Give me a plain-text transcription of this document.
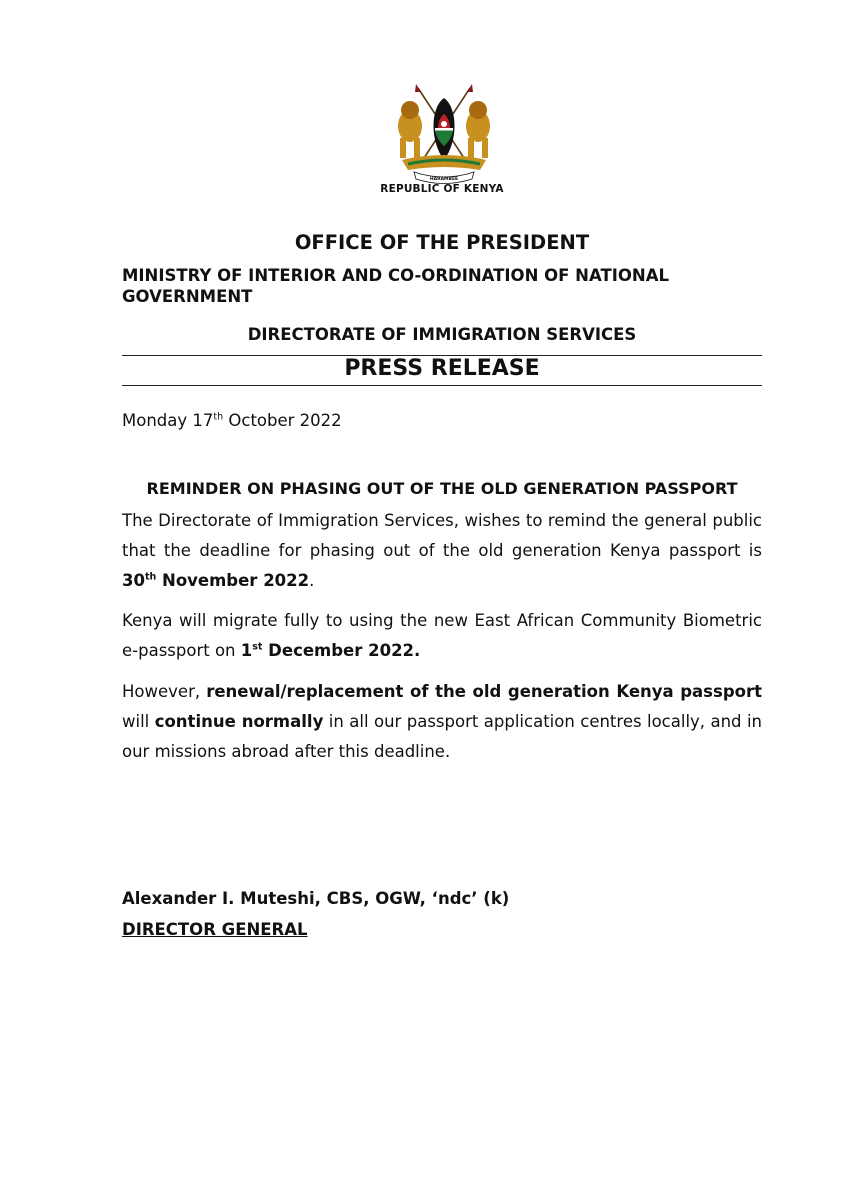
HARAMBEE
REPUBLIC OF KENYA
OFFICE OF THE PRESIDENT
MINISTRY OF INTERIOR AND CO-ORDINATION OF NATIONAL GOVERNMENT
DIRECTORATE OF IMMIGRATION SERVICES
PRESS RELEASE
Monday 17th October 2022
REMINDER ON PHASING OUT OF THE OLD GENERATION PASSPORT
The Directorate of Immigration Services, wishes to remind the general public that the deadline for phasing out of the old generation Kenya passport is 30th November 2022.
Kenya will migrate fully to using the new East African Community Biometric e-passport on 1st December 2022.
However, renewal/replacement of the old generation Kenya passport will continue normally in all our passport application centres locally, and in our missions abroad after this deadline.
Alexander I. Muteshi, CBS, OGW, ‘ndc’ (k)
DIRECTOR GENERAL
